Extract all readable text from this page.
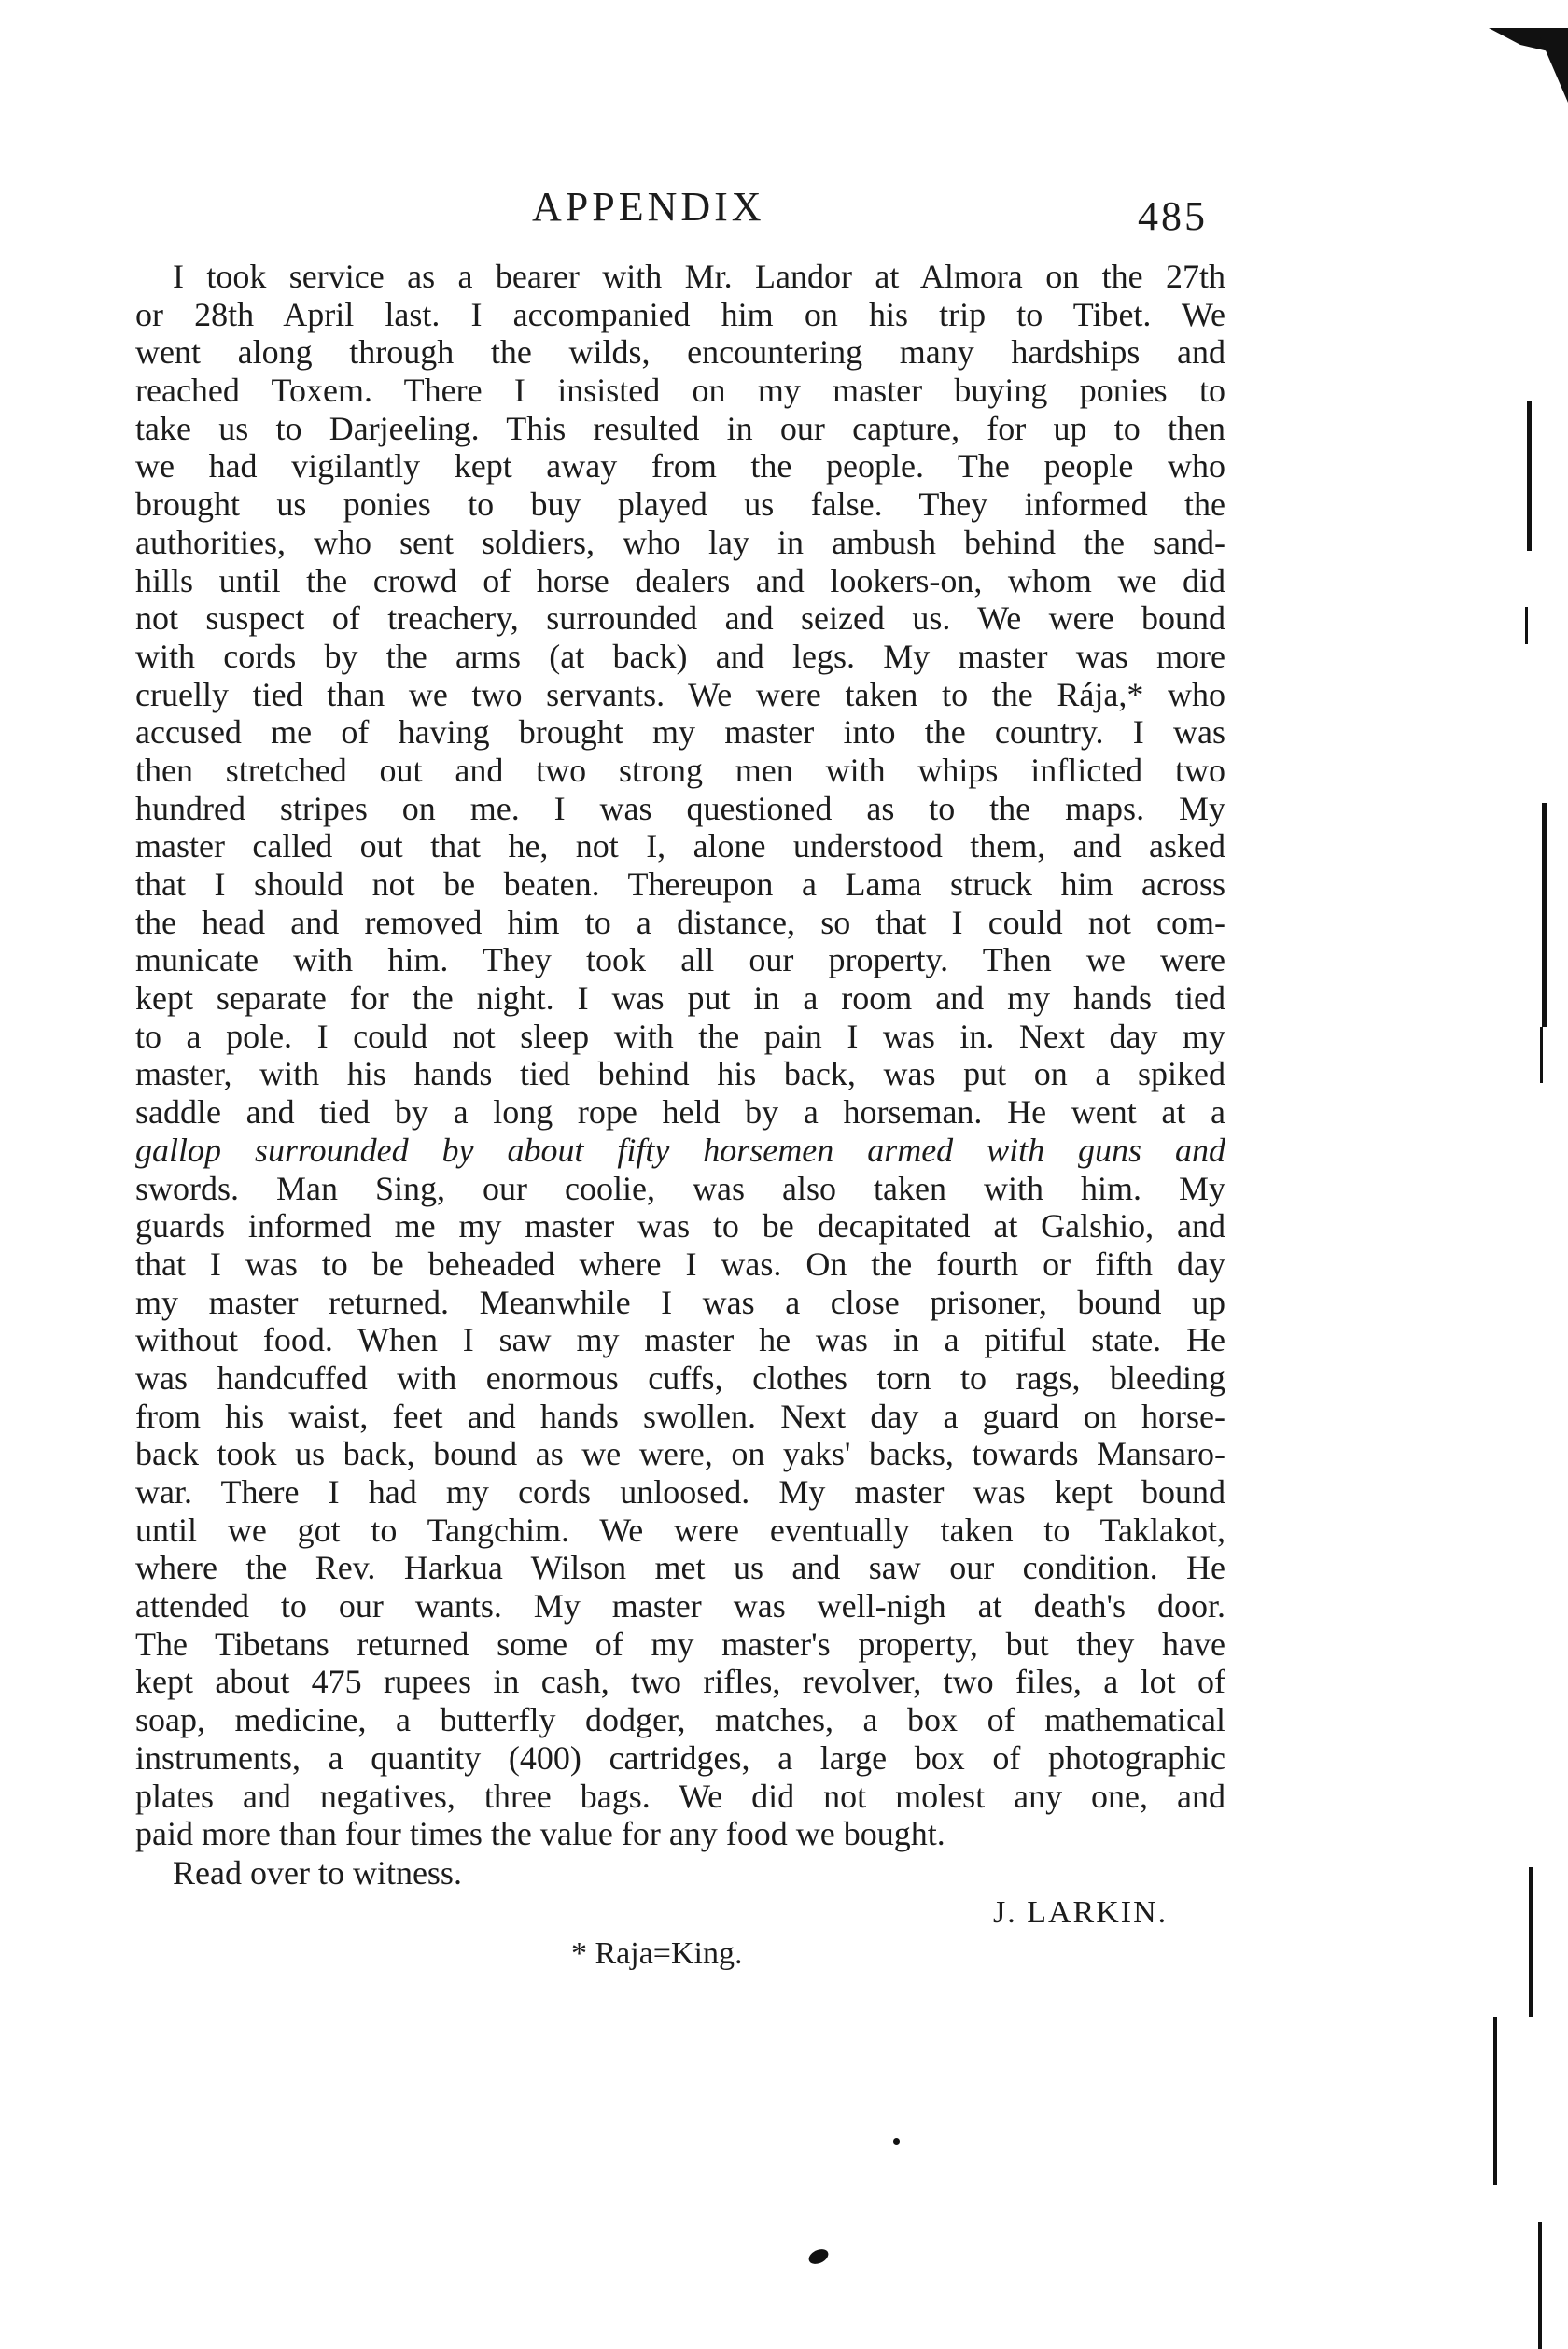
APPENDIX	485
I took service as a bearer with Mr. Landor at Almora on the 27th
or 28th April last. I accompanied him on his trip to Tibet. We
went along through the wilds, encountering many hardships and
reached Toxem. There I insisted on my master buying ponies to
take us to Darjeeling. This resulted in our capture, for up to then
we had vigilantly kept away from the people. The people who
brought us ponies to buy played us false. They informed the
authorities, who sent soldiers, who lay in ambush behind the sand-
hills until the crowd of horse dealers and lookers-on, whom we did
not suspect of treachery, surrounded and seized us. We were bound
with cords by the arms (at back) and legs. My master was more
cruelly tied than we two servants. We were taken to the Rája,* who
accused me of having brought my master into the country. I was
then stretched out and two strong men with whips inflicted two
hundred stripes on me. I was questioned as to the maps. My
master called out that he, not I, alone understood them, and asked
that I should not be beaten. Thereupon a Lama struck him across
the head and removed him to a distance, so that I could not com-
municate with him. They took all our property. Then we were
kept separate for the night. I was put in a room and my hands tied
to a pole. I could not sleep with the pain I was in. Next day my
master, with his hands tied behind his back, was put on a spiked
saddle and tied by a long rope held by a horseman. He went at a
gallop surrounded by about fifty horsemen armed with guns and
swords. Man Sing, our coolie, was also taken with him. My
guards informed me my master was to be decapitated at Galshio, and
that I was to be beheaded where I was. On the fourth or fifth day
my master returned. Meanwhile I was a close prisoner, bound up
without food. When I saw my master he was in a pitiful state. He
was handcuffed with enormous cuffs, clothes torn to rags, bleeding
from his waist, feet and hands swollen. Next day a guard on horse-
back took us back, bound as we were, on yaks' backs, towards Mansaro-
war. There I had my cords unloosed. My master was kept bound
until we got to Tangchim. We were eventually taken to Taklakot,
where the Rev. Harkua Wilson met us and saw our condition. He
attended to our wants. My master was well-nigh at death's door.
The Tibetans returned some of my master's property, but they have
kept about 475 rupees in cash, two rifles, revolver, two files, a lot of
soap, medicine, a butterfly dodger, matches, a box of mathematical
instruments, a quantity (400) cartridges, a large box of photographic
plates and negatives, three bags. We did not molest any one, and
paid more than four times the value for any food we bought.
Read over to witness.
J. LARKIN.
* Raja=King.
